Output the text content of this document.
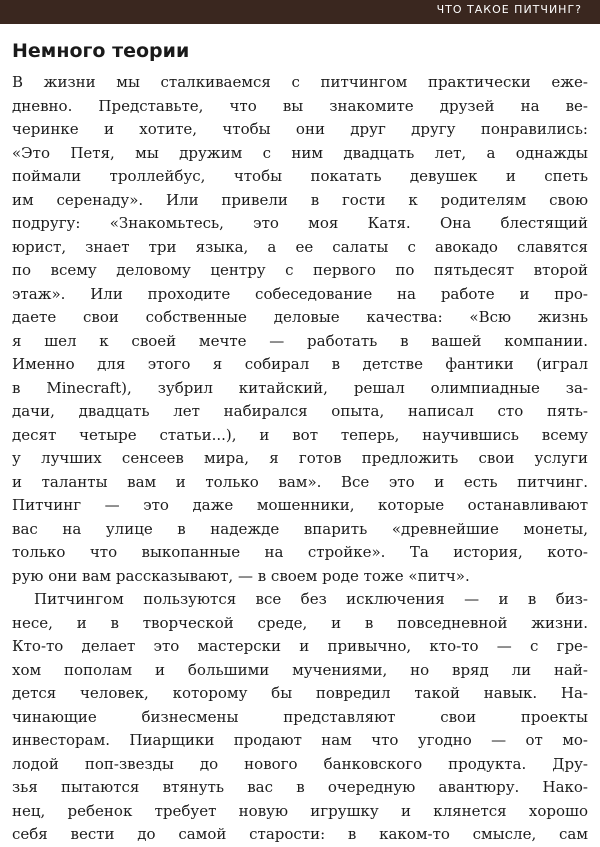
ЧТО ТАКОЕ ПИТЧИНГ?
Немного теории
В жизни мы сталкиваемся с питчингом практически еже-
дневно. Представьте, что вы знакомите друзей на ве-
черинке и хотите, чтобы они друг другу понравились:
«Это Петя, мы дружим с ним двадцать лет, а однажды
поймали троллейбус, чтобы покатать девушек и спеть
им серенаду». Или привели в гости к родителям свою
подругу: «Знакомьтесь, это моя Катя. Она блестящий
юрист, знает три языка, а ее салаты с авокадо славятся
по всему деловому центру с первого по пятьдесят второй
этаж». Или проходите собеседование на работе и про-
даете свои собственные деловые качества: «Всю жизнь
я шел к своей мечте — работать в вашей компании.
Именно для этого я собирал в детстве фантики (играл
в Minecraft), зубрил китайский, решал олимпиадные за-
дачи, двадцать лет набирался опыта, написал сто пять-
десят четыре статьи...), и вот теперь, научившись всему
у лучших сенсеев мира, я готов предложить свои услуги
и таланты вам и только вам». Все это и есть питчинг.
Питчинг — это даже мошенники, которые останавливают
вас на улице в надежде впарить «древнейшие монеты,
только что выкопанные на стройке». Та история, кото-
рую они вам рассказывают, — в своем роде тоже «питч».
Питчингом пользуются все без исключения — и в биз-
несе, и в творческой среде, и в повседневной жизни.
Кто-то делает это мастерски и привычно, кто-то — с гре-
хом пополам и большими мучениями, но вряд ли най-
дется человек, которому бы повредил такой навык. На-
чинающие бизнесмены представляют свои проекты
инвесторам. Пиарщики продают нам что угодно — от мо-
лодой поп-звезды до нового банковского продукта. Дру-
зья пытаются втянуть вас в очередную авантюру. Нако-
нец, ребенок требует новую игрушку и клянется хорошо
себя вести до самой старости: в каком-то смысле, сам
